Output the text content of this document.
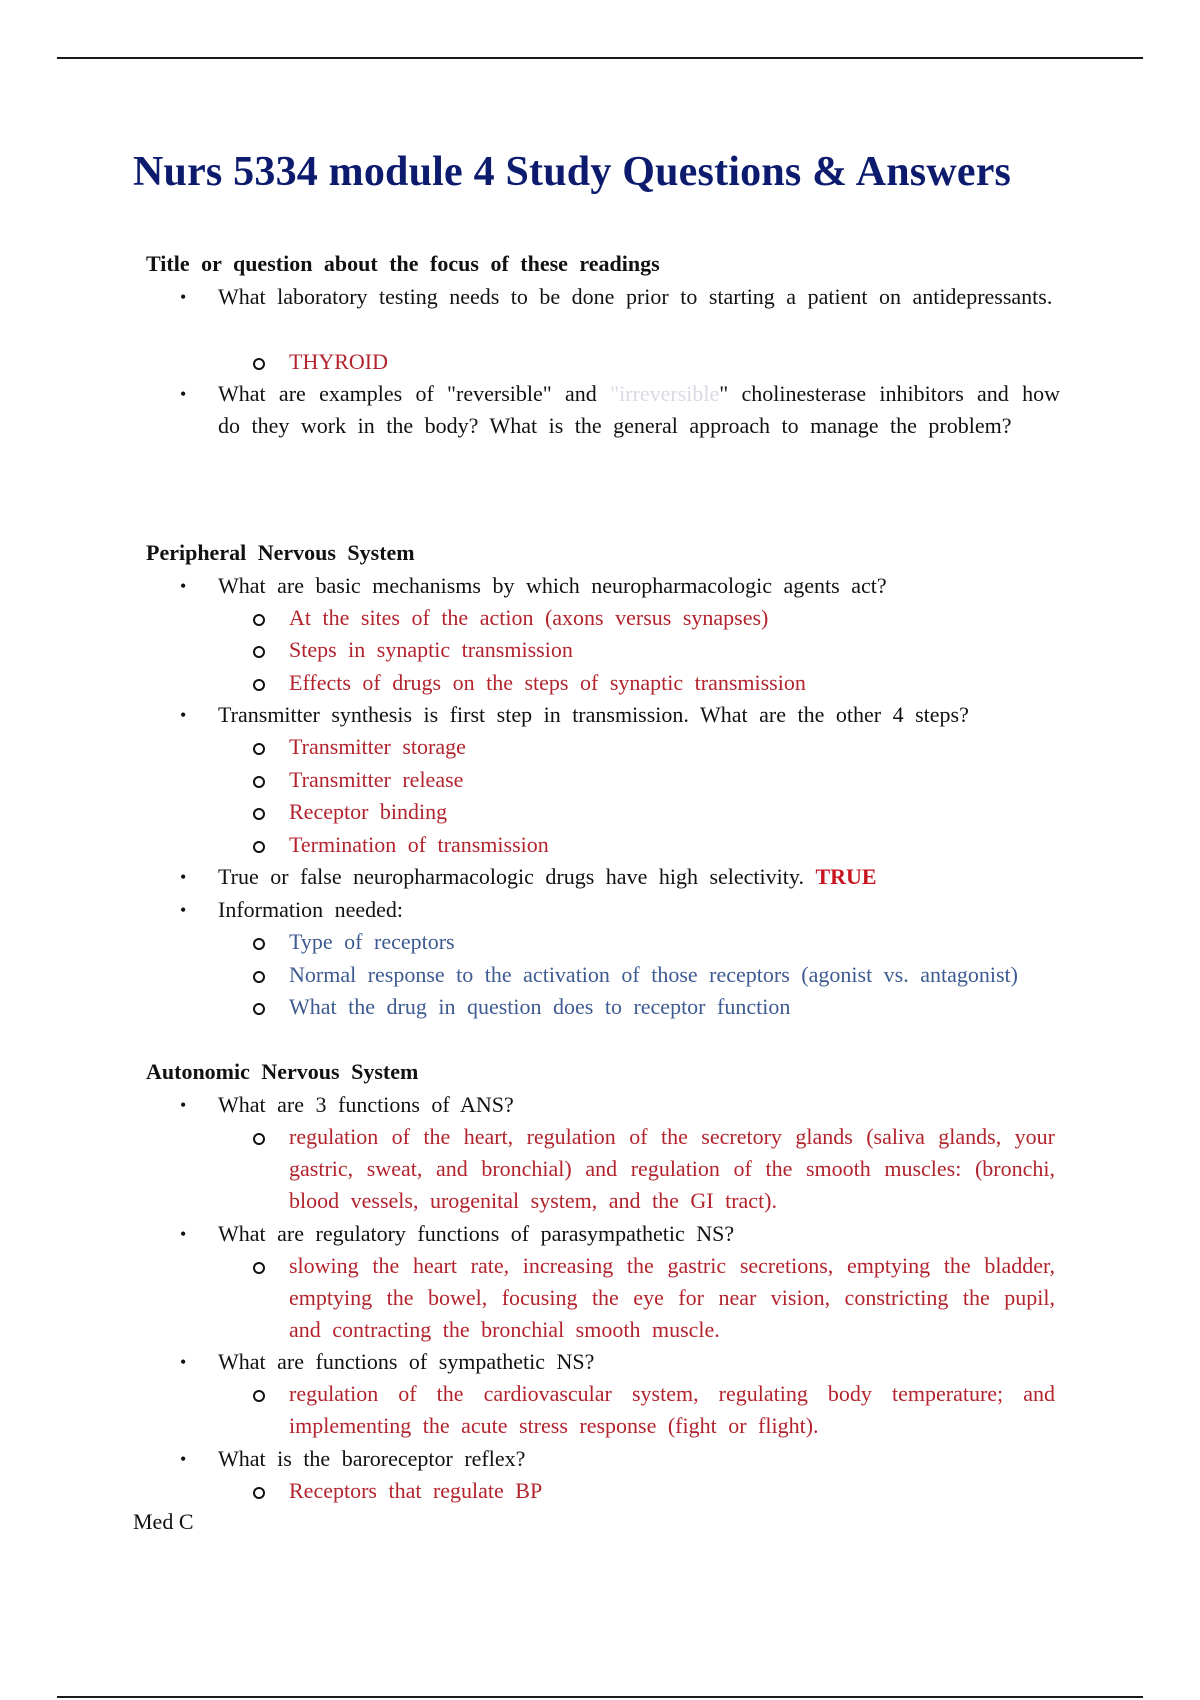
Nurs 5334 module 4 Study Questions & Answers

Title or question about the focus of these readings

• What laboratory testing needs to be done prior to starting a patient on antidepressants.
THYROID
• What are examples of "reversible" and "irreversible" cholinesterase inhibitors and how do they work in the body? What is the general approach to manage the problem?

Peripheral Nervous System

• What are basic mechanisms by which neuropharmacologic agents act?
At the sites of the action (axons versus synapses)
Steps in synaptic transmission
Effects of drugs on the steps of synaptic transmission
• Transmitter synthesis is first step in transmission. What are the other 4 steps?
Transmitter storage
Transmitter release
Receptor binding
Termination of transmission
• True or false neuropharmacologic drugs have high selectivity. TRUE
• Information needed:
Type of receptors
Normal response to the activation of those receptors (agonist vs. antagonist)
What the drug in question does to receptor function

Autonomic Nervous System

• What are 3 functions of ANS?
regulation of the heart, regulation of the secretory glands (saliva glands, your gastric, sweat, and bronchial) and regulation of the smooth muscles: (bronchi, blood vessels, urogenital system, and the GI tract).
• What are regulatory functions of parasympathetic NS?
slowing the heart rate, increasing the gastric secretions, emptying the bladder, emptying the bowel, focusing the eye for near vision, constricting the pupil, and contracting the bronchial smooth muscle.
• What are functions of sympathetic NS?
regulation of the cardiovascular system, regulating body temperature; and implementing the acute stress response (fight or flight).
• What is the baroreceptor reflex?
Receptors that regulate BP

Med C
